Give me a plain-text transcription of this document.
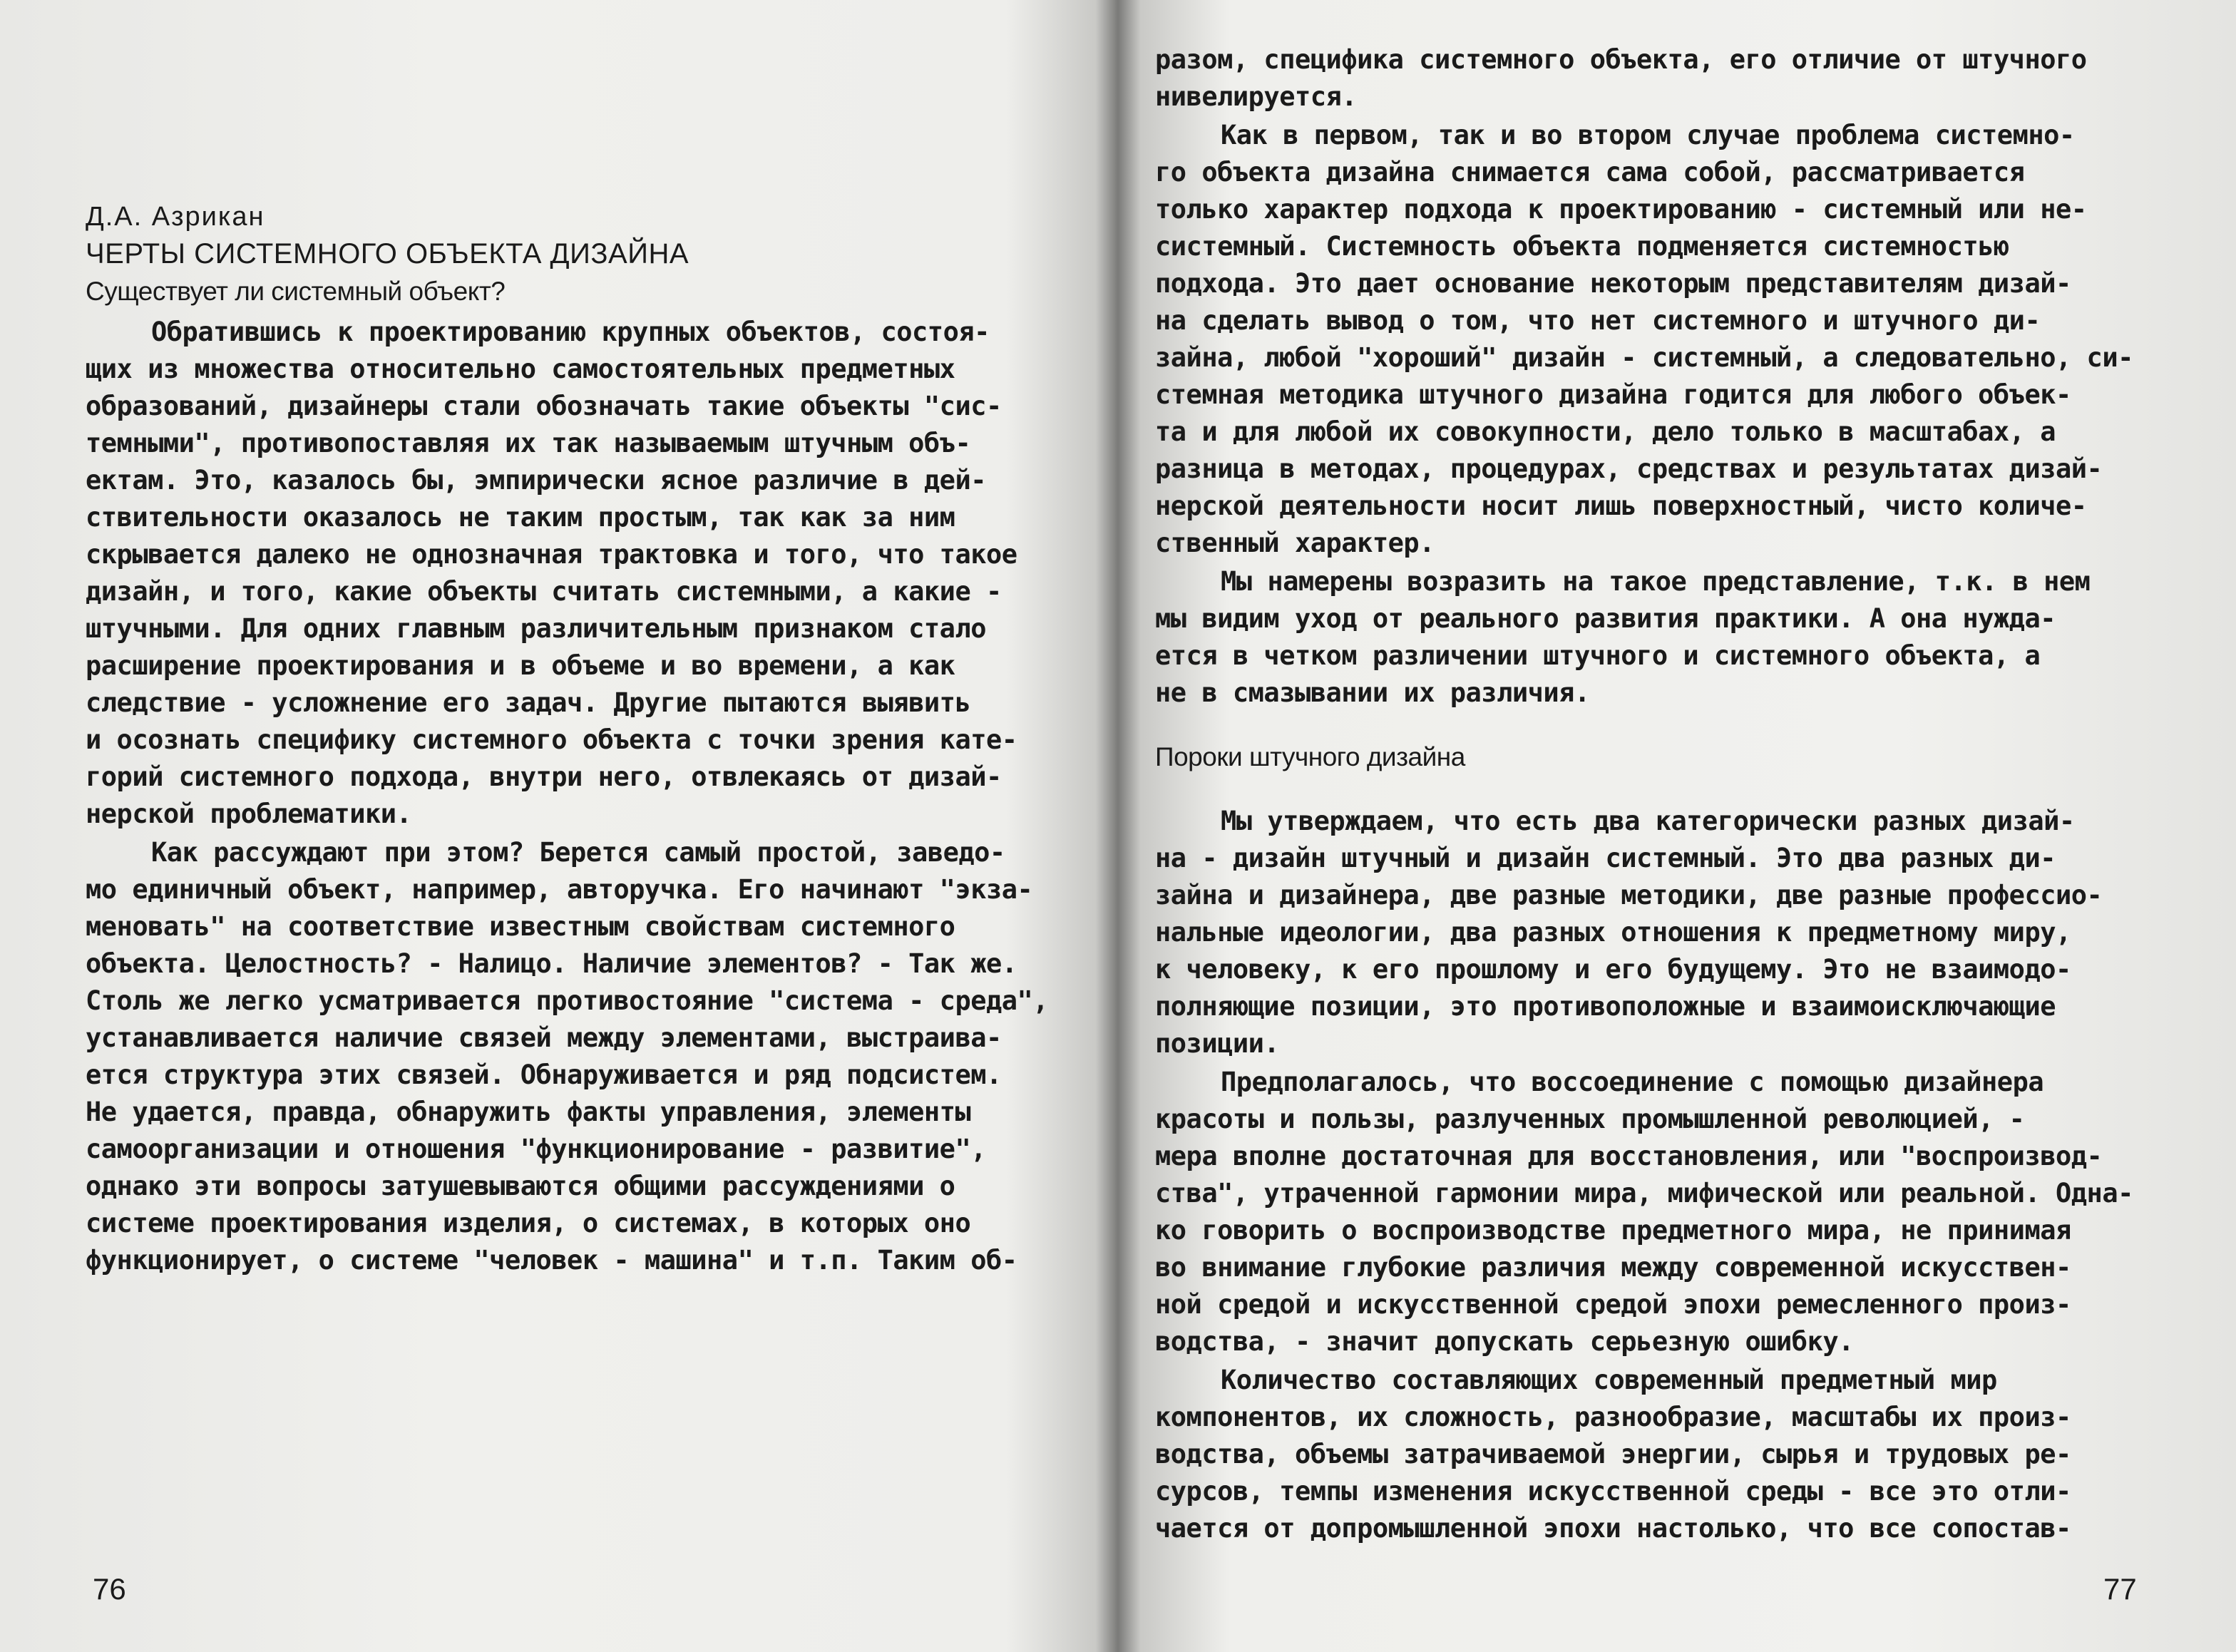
Д.А. Азрикан
ЧЕРТЫ СИСТЕМНОГО ОБЪЕКТА ДИЗАЙНА
Существует ли системный объект?
Обратившись к проектированию крупных объектов, состоя-
щих из множества относительно самостоятельных предметных
образований, дизайнеры стали обозначать такие объекты "сис-
темными", противопоставляя их так называемым штучным объ-
ектам. Это, казалось бы, эмпирически ясное различие в дей-
ствительности оказалось не таким простым, так как за ним
скрывается далеко не однозначная трактовка и того, что такое
дизайн, и того, какие объекты считать системными, а какие -
штучными. Для одних главным различительным признаком стало
расширение проектирования и в объеме и во времени, а как
следствие - усложнение его задач. Другие пытаются выявить
и осознать специфику системного объекта с точки зрения кате-
горий системного подхода, внутри него, отвлекаясь от дизай-
нерской проблематики.
Как рассуждают при этом? Берется самый простой, заведо-
мо единичный объект, например, авторучка. Его начинают "экза-
меновать" на соответствие известным свойствам системного
объекта. Целостность? - Налицо. Наличие элементов? - Так же.
Столь же легко усматривается противостояние "система - среда",
устанавливается наличие связей между элементами, выстраива-
ется структура этих связей. Обнаруживается и ряд подсистем.
Не удается, правда, обнаружить факты управления, элементы
самоорганизации и отношения "функционирование - развитие",
однако эти вопросы затушевываются общими рассуждениями о
системе проектирования изделия, о системах, в которых оно
функционирует, о системе "человек - машина" и т.п. Таким об-
76
разом, специфика системного объекта, его отличие от штучного
нивелируется.
Как в первом, так и во втором случае проблема системно-
го объекта дизайна снимается сама собой, рассматривается
только характер подхода к проектированию - системный или не-
системный. Системность объекта подменяется системностью
подхода. Это дает основание некоторым представителям дизай-
на сделать вывод о том, что нет системного и штучного ди-
зайна, любой "хороший" дизайн - системный, а следовательно, си-
стемная методика штучного дизайна годится для любого объек-
та и для любой их совокупности, дело только в масштабах, а
разница в методах, процедурах, средствах и результатах дизай-
нерской деятельности носит лишь поверхностный, чисто количе-
ственный характер.
Мы намерены возразить на такое представление, т.к. в нем
мы видим уход от реального развития практики. А она нужда-
ется в четком различении штучного и системного объекта, а
не в смазывании их различия.
Пороки штучного дизайна
Мы утверждаем, что есть два категорически разных дизай-
на - дизайн штучный и дизайн системный. Это два разных ди-
зайна и дизайнера, две разные методики, две разные профессио-
нальные идеологии, два разных отношения к предметному миру,
к человеку, к его прошлому и его будущему. Это не взаимодо-
полняющие позиции, это противоположные и взаимоисключающие
позиции.
Предполагалось, что воссоединение с помощью дизайнера
красоты и пользы, разлученных промышленной революцией, -
мера вполне достаточная для восстановления, или "воспроизвод-
ства", утраченной гармонии мира, мифической или реальной. Одна-
ко говорить о воспроизводстве предметного мира, не принимая
во внимание глубокие различия между современной искусствен-
ной средой и искусственной средой эпохи ремесленного произ-
водства, - значит допускать серьезную ошибку.
Количество составляющих современный предметный мир
компонентов, их сложность, разнообразие, масштабы их произ-
водства, объемы затрачиваемой энергии, сырья и трудовых ре-
сурсов, темпы изменения искусственной среды - все это отли-
чается от допромышленной эпохи настолько, что все сопостав-
77
